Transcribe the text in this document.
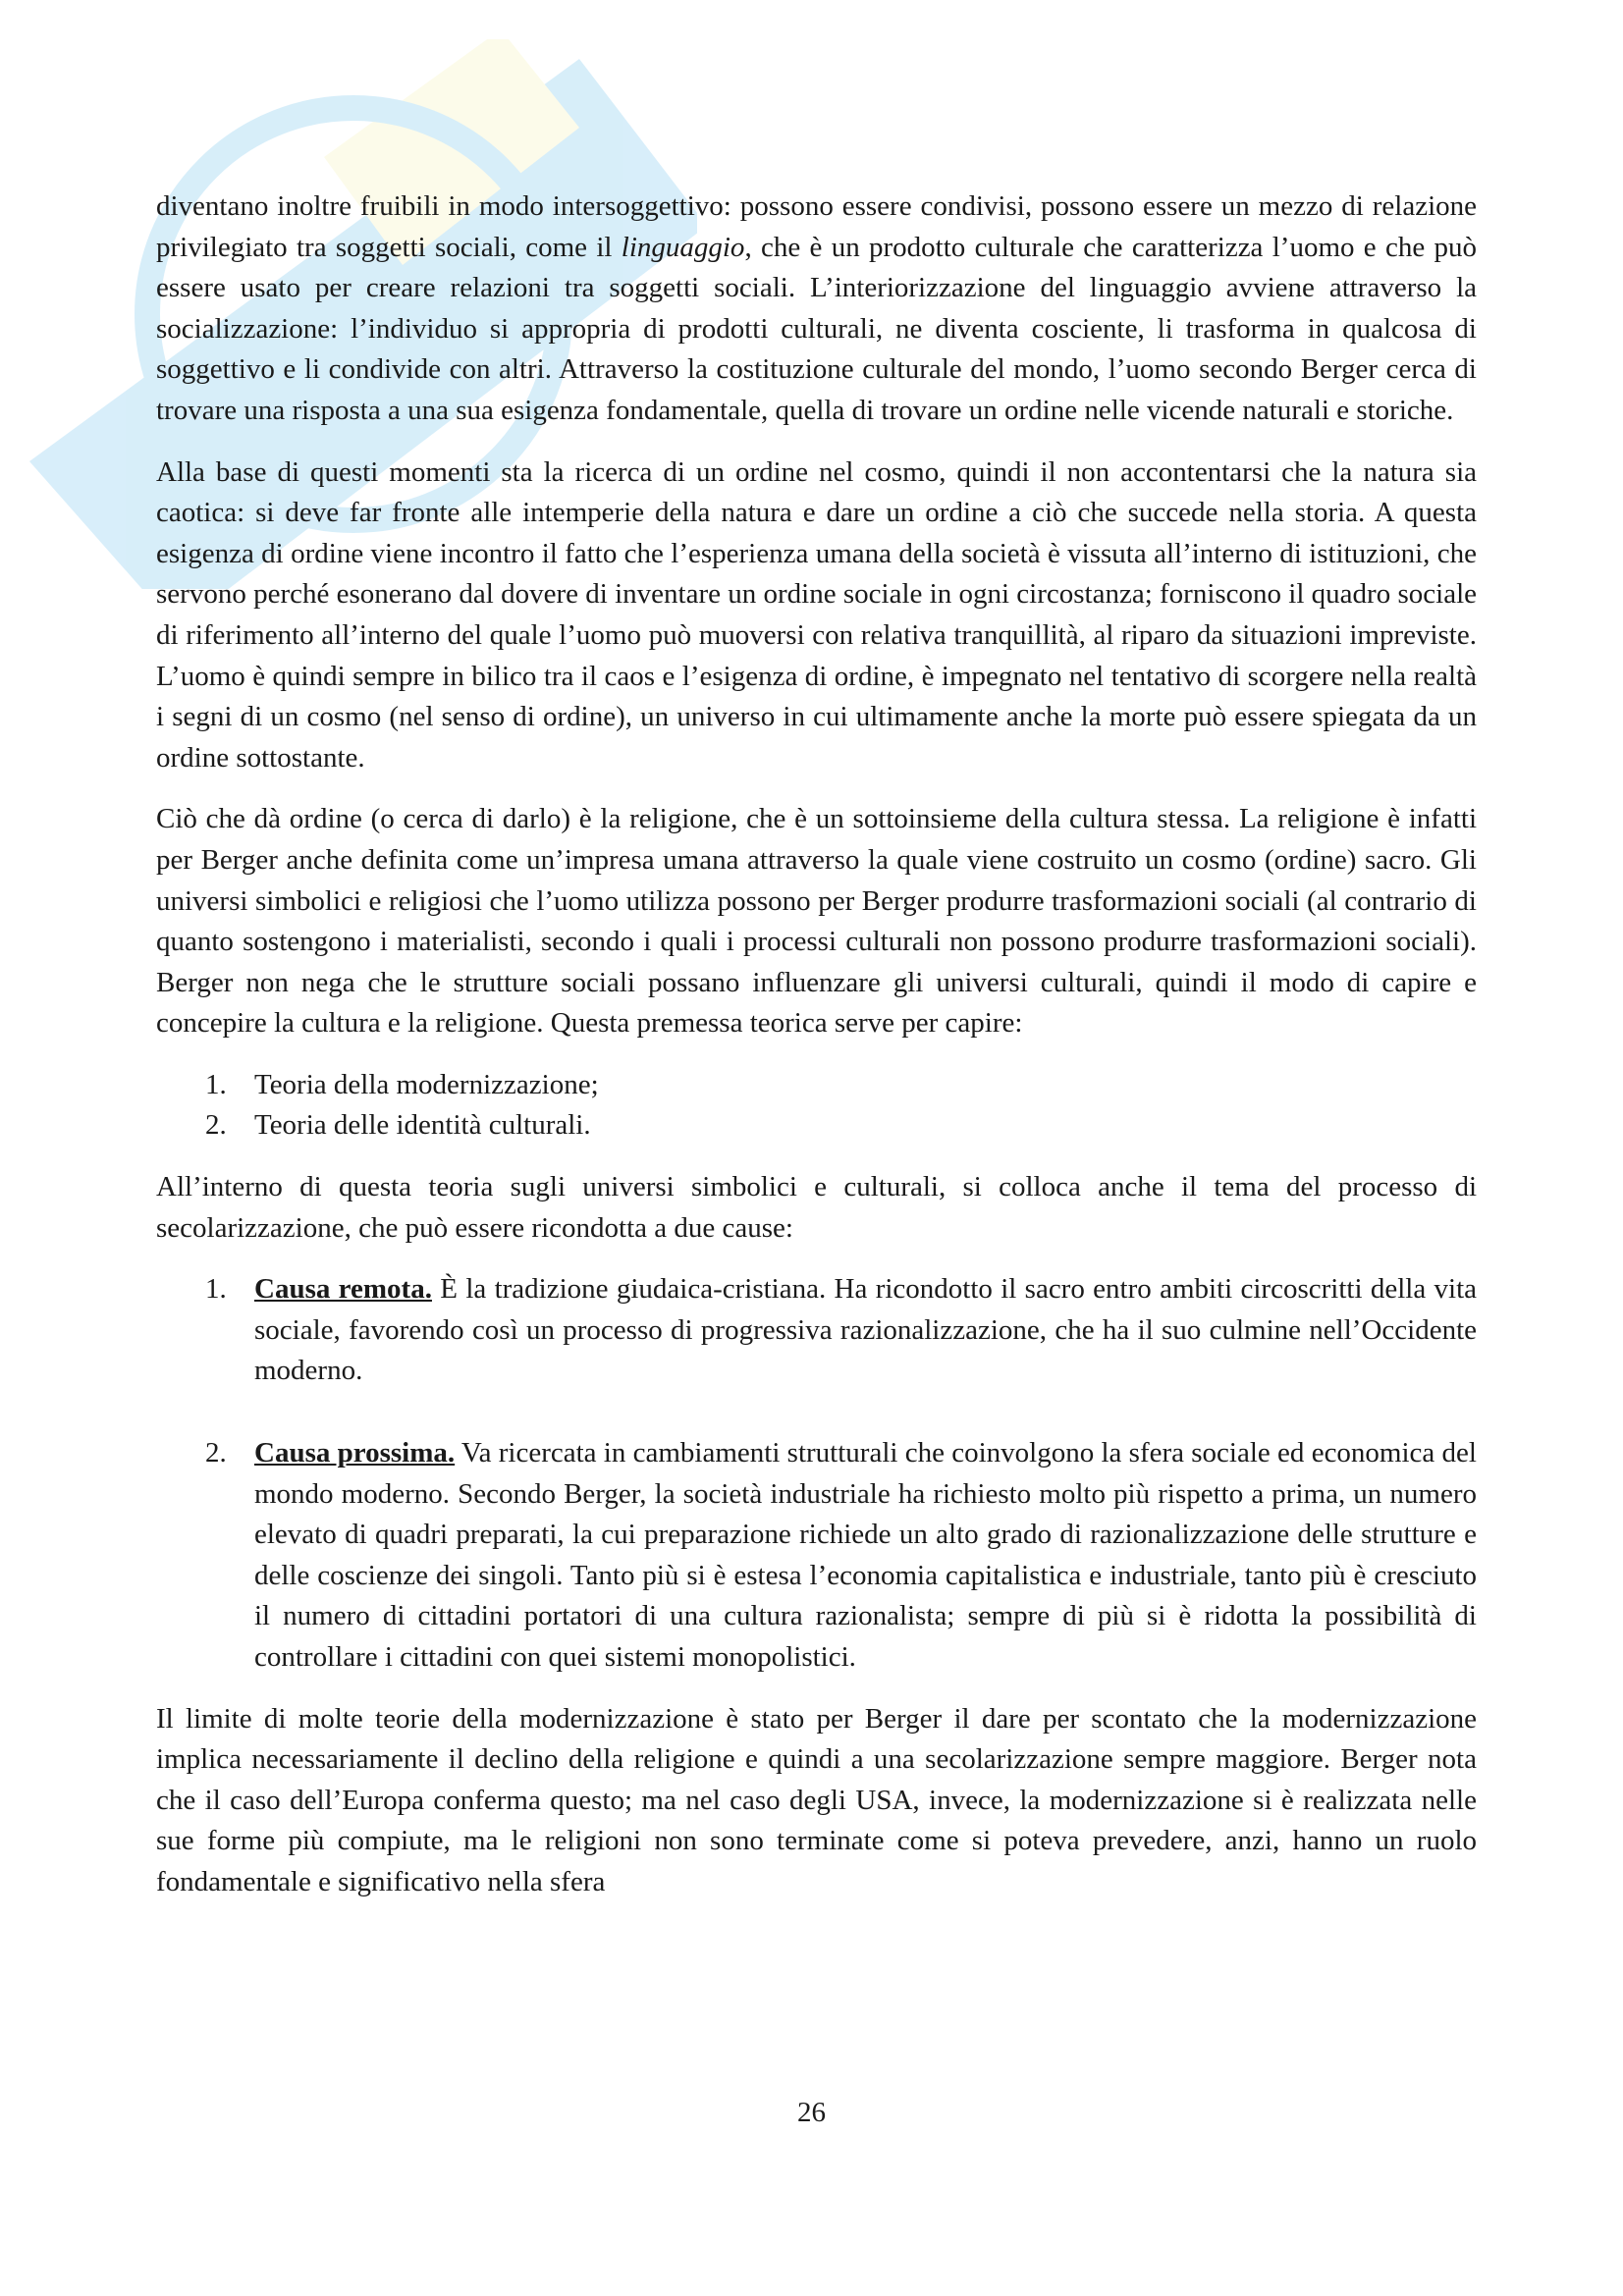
diventano inoltre fruibili in modo intersoggettivo: possono essere condivisi, possono essere un mezzo di relazione privilegiato tra soggetti sociali, come il linguaggio, che è un prodotto culturale che caratterizza l’uomo e che può essere usato per creare relazioni tra soggetti sociali. L’interiorizzazione del linguaggio avviene attraverso la socializzazione: l’individuo si appropria di prodotti culturali, ne diventa cosciente, li trasforma in qualcosa di soggettivo e li condivide con altri. Attraverso la costituzione culturale del mondo, l’uomo secondo Berger cerca di trovare una risposta a una sua esigenza fondamentale, quella di trovare un ordine nelle vicende naturali e storiche.

Alla base di questi momenti sta la ricerca di un ordine nel cosmo, quindi il non accontentarsi che la natura sia caotica: si deve far fronte alle intemperie della natura e dare un ordine a ciò che succede nella storia. A questa esigenza di ordine viene incontro il fatto che l’esperienza umana della società è vissuta all’interno di istituzioni, che servono perché esonerano dal dovere di inventare un ordine sociale in ogni circostanza; forniscono il quadro sociale di riferimento all’interno del quale l’uomo può muoversi con relativa tranquillità, al riparo da situazioni impreviste. L’uomo è quindi sempre in bilico tra il caos e l’esigenza di ordine, è impegnato nel tentativo di scorgere nella realtà i segni di un cosmo (nel senso di ordine), un universo in cui ultimamente anche la morte può essere spiegata da un ordine sottostante.

Ciò che dà ordine (o cerca di darlo) è la religione, che è un sottoinsieme della cultura stessa. La religione è infatti per Berger anche definita come un’impresa umana attraverso la quale viene costruito un cosmo (ordine) sacro. Gli universi simbolici e religiosi che l’uomo utilizza possono per Berger produrre trasformazioni sociali (al contrario di quanto sostengono i materialisti, secondo i quali i processi culturali non possono produrre trasformazioni sociali). Berger non nega che le strutture sociali possano influenzare gli universi culturali, quindi il modo di capire e concepire la cultura e la religione. Questa premessa teorica serve per capire:

1. Teoria della modernizzazione;
2. Teoria delle identità culturali.

All’interno di questa teoria sugli universi simbolici e culturali, si colloca anche il tema del processo di secolarizzazione, che può essere ricondotta a due cause:

1. Causa remota. È la tradizione giudaica-cristiana. Ha ricondotto il sacro entro ambiti circoscritti della vita sociale, favorendo così un processo di progressiva razionalizzazione, che ha il suo culmine nell’Occidente moderno.
2. Causa prossima. Va ricercata in cambiamenti strutturali che coinvolgono la sfera sociale ed economica del mondo moderno. Secondo Berger, la società industriale ha richiesto molto più rispetto a prima, un numero elevato di quadri preparati, la cui preparazione richiede un alto grado di razionalizzazione delle strutture e delle coscienze dei singoli. Tanto più si è estesa l’economia capitalistica e industriale, tanto più è cresciuto il numero di cittadini portatori di una cultura razionalista; sempre di più si è ridotta la possibilità di controllare i cittadini con quei sistemi monopolistici.

Il limite di molte teorie della modernizzazione è stato per Berger il dare per scontato che la modernizzazione implica necessariamente il declino della religione e quindi a una secolarizzazione sempre maggiore. Berger nota che il caso dell’Europa conferma questo; ma nel caso degli USA, invece, la modernizzazione si è realizzata nelle sue forme più compiute, ma le religioni non sono terminate come si poteva prevedere, anzi, hanno un ruolo fondamentale e significativo nella sfera

26
